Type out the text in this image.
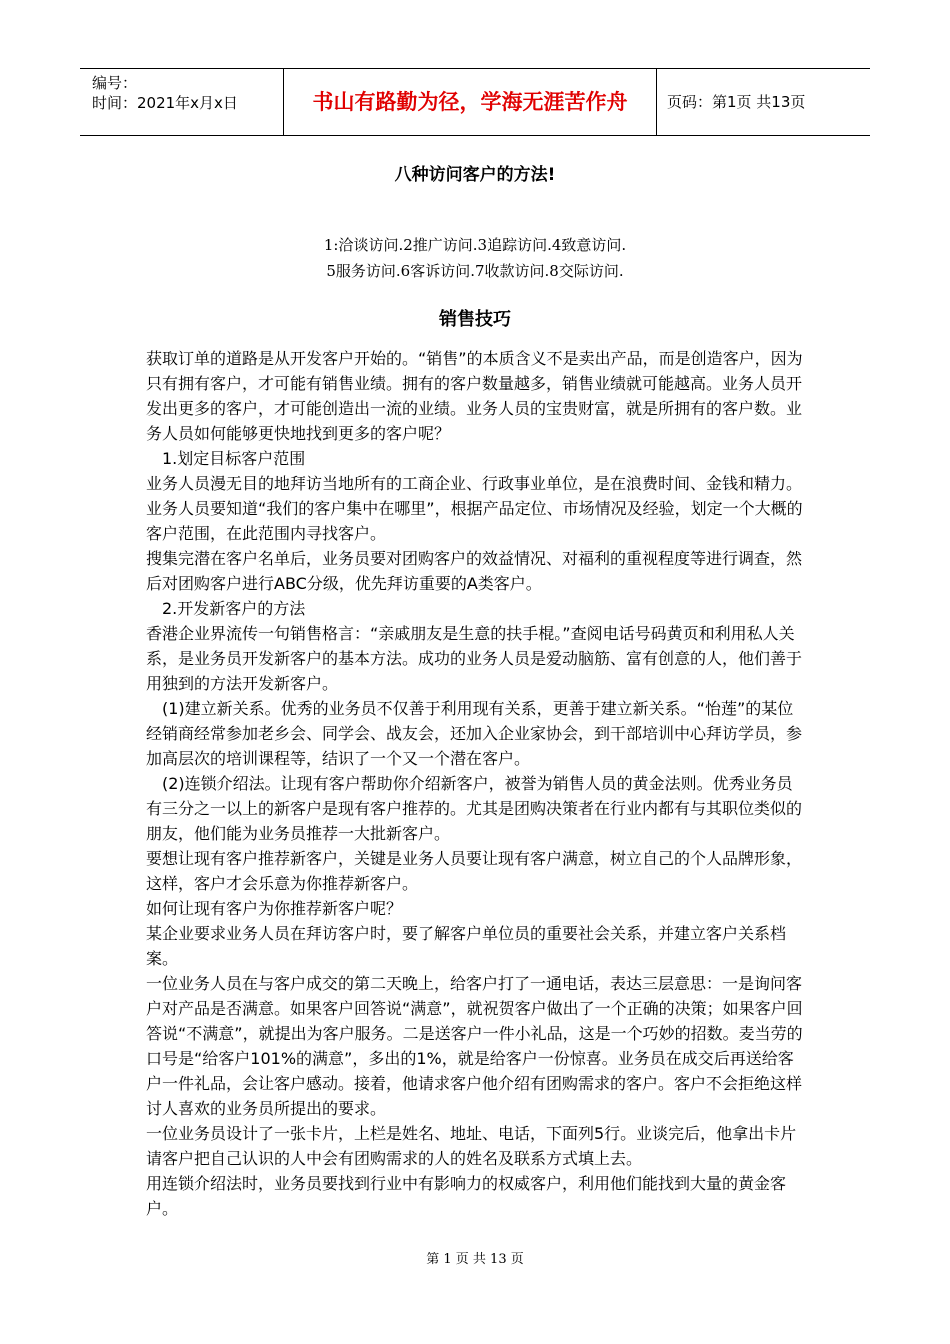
编号：
时间：2021年x月x日	书山有路勤为径，学海无涯苦作舟	页码：第1页 共13页
八种访问客户的方法!
1:洽谈访问.2推广访问.3追踪访问.4致意访问.
5服务访问.6客诉访问.7收款访问.8交际访问.
销售技巧

获取订单的道路是从开发客户开始的。“销售”的本质含义不是卖出产品，而是创造客户，因为只有拥有客户，才可能有销售业绩。拥有的客户数量越多，销售业绩就可能越高。业务人员开发出更多的客户，才可能创造出一流的业绩。业务人员的宝贵财富，就是所拥有的客户数。业务人员如何能够更快地找到更多的客户呢？

1.划定目标客户范围

业务人员漫无目的地拜访当地所有的工商企业、行政事业单位，是在浪费时间、金钱和精力。业务人员要知道“我们的客户集中在哪里”，根据产品定位、市场情况及经验，划定一个大概的客户范围，在此范围内寻找客户。

搜集完潜在客户名单后，业务员要对团购客户的效益情况、对福利的重视程度等进行调查，然后对团购客户进行ABC分级，优先拜访重要的A类客户。

2.开发新客户的方法

香港企业界流传一句销售格言：“亲戚朋友是生意的扶手棍。”查阅电话号码黄页和利用私人关系，是业务员开发新客户的基本方法。成功的业务人员是爱动脑筋、富有创意的人，他们善于用独到的方法开发新客户。

(1)建立新关系。优秀的业务员不仅善于利用现有关系，更善于建立新关系。“怡莲”的某位经销商经常参加老乡会、同学会、战友会，还加入企业家协会，到干部培训中心拜访学员，参加高层次的培训课程等，结识了一个又一个潜在客户。

(2)连锁介绍法。让现有客户帮助你介绍新客户，被誉为销售人员的黄金法则。优秀业务员有三分之一以上的新客户是现有客户推荐的。尤其是团购决策者在行业内都有与其职位类似的朋友，他们能为业务员推荐一大批新客户。

要想让现有客户推荐新客户，关键是业务人员要让现有客户满意，树立自己的个人品牌形象，这样，客户才会乐意为你推荐新客户。

如何让现有客户为你推荐新客户呢？

某企业要求业务人员在拜访客户时，要了解客户单位员的重要社会关系，并建立客户关系档案。

一位业务人员在与客户成交的第二天晚上，给客户打了一通电话，表达三层意思：一是询问客户对产品是否满意。如果客户回答说“满意”，就祝贺客户做出了一个正确的决策；如果客户回答说“不满意”，就提出为客户服务。二是送客户一件小礼品，这是一个巧妙的招数。麦当劳的口号是“给客户101%的满意”，多出的1%，就是给客户一份惊喜。业务员在成交后再送给客户一件礼品，会让客户感动。接着，他请求客户他介绍有团购需求的客户。客户不会拒绝这样讨人喜欢的业务员所提出的要求。

一位业务员设计了一张卡片，上栏是姓名、地址、电话，下面列5行。业谈完后，他拿出卡片请客户把自己认识的人中会有团购需求的人的姓名及联系方式填上去。

用连锁介绍法时，业务员要找到行业中有影响力的权威客户，利用他们能找到大量的黄金客户。

第 1 页 共 13 页
